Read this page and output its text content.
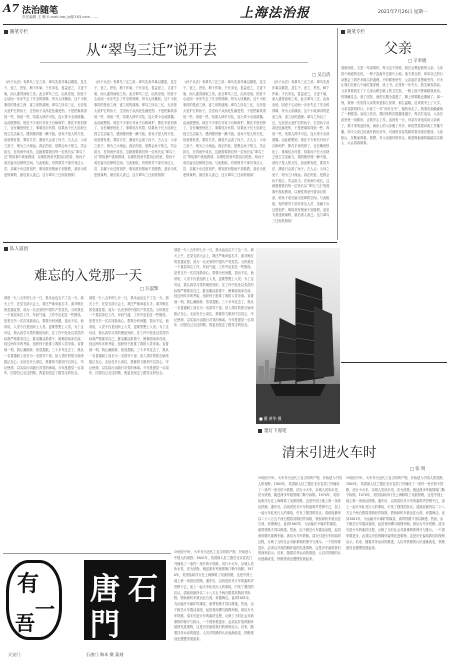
A7 法治随笔
责任编辑 王 琳 E-mail:law_bj@163.com ……	上海法治报	2021年7月26日 星期一
随笔专栏
从“翠鸟三迁”说开去
□ 吴自清
《孙子兵法》有翠鸟三迁之说：翠鸟先高作巢以避患，及生子，爱之，恐坠，稍下作巢；子长羽毛，复益爱之，又更下巢，而人遂得而取之矣。此言翠鸟三迁，由高至低，因爱子心切而一步步失去了安全的屏障，终为人所擒获。这个小故事讲的是爱之深、害之切的道理。翠鸟之所以三迁，无非是太爱护它的孩子，生怕孩子从高处坠落受伤，于是把巢筑得低一些，再低一些，结果人伸手可及，连大带小全部被擒。由此联想到，现在不少家长对孩子百般呵护，捧在手里怕摔了，含在嘴里怕化了，事事包办代替，结果孩子长大后缺乏独立生活能力，遇到挫折便一蹶不振。爱孩子是人的天性，但爱要有度，要讲方法，溺爱只会害了孩子。古人云：父母之爱子，则为之计深远。真正的爱，是教会孩子独立，学会担当，在风雨中成长。这就需要我们每一位家长从“翠鸟三迁”的故事中汲取教训，以理性的爱代替盲目的爱，给孩子成长留出足够的空间。与此相似，有的领导干部对身边人员、亲属子女过度袒护，明知其有错而不加管教，甚至为其违规谋利，最后害人害己。这与翠鸟三迁何其相似！
《孙子兵法》有翠鸟三迁之说：翠鸟先高作巢以避患，及生子，爱之，恐坠，稍下作巢；子长羽毛，复益爱之，又更下巢，而人遂得而取之矣。此言翠鸟三迁，由高至低，因爱子心切而一步步失去了安全的屏障，终为人所擒获。这个小故事讲的是爱之深、害之切的道理。翠鸟之所以三迁，无非是太爱护它的孩子，生怕孩子从高处坠落受伤，于是把巢筑得低一些，再低一些，结果人伸手可及，连大带小全部被擒。由此联想到，现在不少家长对孩子百般呵护，捧在手里怕摔了，含在嘴里怕化了，事事包办代替，结果孩子长大后缺乏独立生活能力，遇到挫折便一蹶不振。爱孩子是人的天性，但爱要有度，要讲方法，溺爱只会害了孩子。古人云：父母之爱子，则为之计深远。真正的爱，是教会孩子独立，学会担当，在风雨中成长。这就需要我们每一位家长从“翠鸟三迁”的故事中汲取教训，以理性的爱代替盲目的爱，给孩子成长留出足够的空间。与此相似，有的领导干部对身边人员、亲属子女过度袒护，明知其有错而不加管教，甚至为其违规谋利，最后害人害己。这与翠鸟三迁何其相似！
《孙子兵法》有翠鸟三迁之说：翠鸟先高作巢以避患，及生子，爱之，恐坠，稍下作巢；子长羽毛，复益爱之，又更下巢，而人遂得而取之矣。此言翠鸟三迁，由高至低，因爱子心切而一步步失去了安全的屏障，终为人所擒获。这个小故事讲的是爱之深、害之切的道理。翠鸟之所以三迁，无非是太爱护它的孩子，生怕孩子从高处坠落受伤，于是把巢筑得低一些，再低一些，结果人伸手可及，连大带小全部被擒。由此联想到，现在不少家长对孩子百般呵护，捧在手里怕摔了，含在嘴里怕化了，事事包办代替，结果孩子长大后缺乏独立生活能力，遇到挫折便一蹶不振。爱孩子是人的天性，但爱要有度，要讲方法，溺爱只会害了孩子。古人云：父母之爱子，则为之计深远。真正的爱，是教会孩子独立，学会担当，在风雨中成长。这就需要我们每一位家长从“翠鸟三迁”的故事中汲取教训，以理性的爱代替盲目的爱，给孩子成长留出足够的空间。与此相似，有的领导干部对身边人员、亲属子女过度袒护，明知其有错而不加管教，甚至为其违规谋利，最后害人害己。这与翠鸟三迁何其相似！
《孙子兵法》有翠鸟三迁之说：翠鸟先高作巢以避患，及生子，爱之，恐坠，稍下作巢；子长羽毛，复益爱之，又更下巢，而人遂得而取之矣。此言翠鸟三迁，由高至低，因爱子心切而一步步失去了安全的屏障，终为人所擒获。这个小故事讲的是爱之深、害之切的道理。翠鸟之所以三迁，无非是太爱护它的孩子，生怕孩子从高处坠落受伤，于是把巢筑得低一些，再低一些，结果人伸手可及，连大带小全部被擒。由此联想到，现在不少家长对孩子百般呵护，捧在手里怕摔了，含在嘴里怕化了，事事包办代替，结果孩子长大后缺乏独立生活能力，遇到挫折便一蹶不振。爱孩子是人的天性，但爱要有度，要讲方法，溺爱只会害了孩子。古人云：父母之爱子，则为之计深远。真正的爱，是教会孩子独立，学会担当，在风雨中成长。这就需要我们每一位家长从“翠鸟三迁”的故事中汲取教训，以理性的爱代替盲目的爱，给孩子成长留出足够的空间。与此相似，有的领导干部对身边人员、亲属子女过度袒护，明知其有错而不加管教，甚至为其违规谋利，最后害人害己。这与翠鸟三迁何其相似！
随笔专栏
父亲
□ 辛奉晓
春雨如丝，又是一年清明时。每当这个时候，我总会想起我的父亲。父亲是个地道的农民，一辈子没离开过那片土地。他不善言辞，却用自己的行动教会了我许多做人的道理。小时候家里穷，父亲起早贪黑地劳作，只为让我们兄妹几个能吃饱穿暖、读上书。记得有一年冬天，我生病发高烧，父亲背着我走了十几里山路去镇上的卫生院，一路上他不停地跟我说话，怕我睡过去。到了医院，他的衣服全湿透了，脚上的棉鞋也磨破了。那一刻，我第一次觉得父亲的背是那么宽厚、那么温暖。后来我考上了大学，父亲送我到村口，只说了一句“好好念书”，便转身走了。我看见他偷偷抹了一把眼泪。参加工作后，我回家的次数越来越少，每次打电话，父亲总说家里一切都好，让我安心工作。直到有一天，母亲打来电话说父亲病了，我才匆匆赶回家。病床上的父亲瘦了许多，却依然笑着问我工作累不累。如今父亲已经离开我们多年，可他的音容笑貌时常浮现在眼前。父爱如山，沉默而厚重。我想，对父亲最好的怀念，就是像他那样踏踏实实做人、认认真真做事。
队人道团
难忘的入党那一天
□ 汪震擎
那是一九八五年的七月一日，我永远也忘不了这一天。那天上午，在党支部大会上，我庄严地举起右手，面对鲜红的党旗宣誓，成为一名光荣的中国共产党党员。当时我在一个基层单位工作，年轻气盛，工作中也犯过一些错误。是老支书一次次找我谈心，帮我分析问题，指出不足。他常说，入党不仅是组织上入党，更要思想上入党。为了这句话，我认真学习党的理论知识，在工作中处处以党员的标准严格要求自己，脏活累活抢着干，困难面前冲在前。经过两年多的考验，组织终于批准了我的入党申请。宣誓那一刻，我心潮澎湃，热泪盈眶。三十多年过去了，我从一名普通职工成长为一名领导干部，但入党时的誓言始终铭记在心。无论在什么岗位，我都努力做到不忘初心、牢记使命，以实际行动践行对党的承诺。今年是建党一百周年，回望自己走过的路，我更加坚定了跟党走的信念。
那是一九八五年的七月一日，我永远也忘不了这一天。那天上午，在党支部大会上，我庄严地举起右手，面对鲜红的党旗宣誓，成为一名光荣的中国共产党党员。当时我在一个基层单位工作，年轻气盛，工作中也犯过一些错误。是老支书一次次找我谈心，帮我分析问题，指出不足。他常说，入党不仅是组织上入党，更要思想上入党。为了这句话，我认真学习党的理论知识，在工作中处处以党员的标准严格要求自己，脏活累活抢着干，困难面前冲在前。经过两年多的考验，组织终于批准了我的入党申请。宣誓那一刻，我心潮澎湃，热泪盈眶。三十多年过去了，我从一名普通职工成长为一名领导干部，但入党时的誓言始终铭记在心。无论在什么岗位，我都努力做到不忘初心、牢记使命，以实际行动践行对党的承诺。今年是建党一百周年，回望自己走过的路，我更加坚定了跟党走的信念。
那是一九八五年的七月一日，我永远也忘不了这一天。那天上午，在党支部大会上，我庄严地举起右手，面对鲜红的党旗宣誓，成为一名光荣的中国共产党党员。当时我在一个基层单位工作，年轻气盛，工作中也犯过一些错误。是老支书一次次找我谈心，帮我分析问题，指出不足。他常说，入党不仅是组织上入党，更要思想上入党。为了这句话，我认真学习党的理论知识，在工作中处处以党员的标准严格要求自己，脏活累活抢着干，困难面前冲在前。经过两年多的考验，组织终于批准了我的入党申请。宣誓那一刻，我心潮澎湃，热泪盈眶。三十多年过去了，我从一名普通职工成长为一名领导干部，但入党时的誓言始终铭记在心。无论在什么岗位，我都努力做到不忘初心、牢记使命，以实际行动践行对党的承诺。今年是建党一百周年，回望自己走过的路，我更加坚定了跟党走的信念。
■ 摄 黄华 摄
墨灯下漫笔
清末引进火车时
□ 张 明
19世纪中叶，火车作为近代工业文明的产物，开始进入中国人的视野。1865年，英国商人杜兰德在北京宣武门外铺设了一条约一里长的小铁路，试行小火车，京城人见所未见，诧为妖物，朝廷命步军统领衙门勒令拆除。1876年，英国怡和洋行在上海修筑了吴淞铁路，这是中国土地上第一条营运铁路。通车后，沿线居民对火车的轰鸣声恐惧不已，加上一起火车轧死行人的事故，引发了强烈的抗议。清政府最终以二十八万五千两白银将其购回并拆除，铁轨和机车被运往台湾，弃置海边。直到1881年，为运输开平煤矿的煤炭，唐胥铁路才得以修建。然而，由于顾忌火车震动皇陵，起初竟用骡马拖拽车厢，被讥为马车铁路。清末引进火车的曲折过程，反映了当时社会对新事物的保守与排斥。一个国家要进步，必须以开放的胸怀接纳先进事物，这是历史留给我们的深刻启示。后来，随着洋务运动的推进，人们对铁路的认识逐渐改变，铁路建设也慢慢发展起来。
19世纪中叶，火车作为近代工业文明的产物，开始进入中国人的视野。1865年，英国商人杜兰德在北京宣武门外铺设了一条约一里长的小铁路，试行小火车，京城人见所未见，诧为妖物，朝廷命步军统领衙门勒令拆除。1876年，英国怡和洋行在上海修筑了吴淞铁路，这是中国土地上第一条营运铁路。通车后，沿线居民对火车的轰鸣声恐惧不已，加上一起火车轧死行人的事故，引发了强烈的抗议。清政府最终以二十八万五千两白银将其购回并拆除，铁轨和机车被运往台湾，弃置海边。直到1881年，为运输开平煤矿的煤炭，唐胥铁路才得以修建。然而，由于顾忌火车震动皇陵，起初竟用骡马拖拽车厢，被讥为马车铁路。清末引进火车的曲折过程，反映了当时社会对新事物的保守与排斥。一个国家要进步，必须以开放的胸怀接纳先进事物，这是历史留给我们的深刻启示。后来，随着洋务运动的推进，人们对铁路的认识逐渐改变，铁路建设也慢慢发展起来。
19世纪中叶，火车作为近代工业文明的产物，开始进入中国人的视野。1865年，英国商人杜兰德在北京宣武门外铺设了一条约一里长的小铁路，试行小火车，京城人见所未见，诧为妖物，朝廷命步军统领衙门勒令拆除。1876年，英国怡和洋行在上海修筑了吴淞铁路，这是中国土地上第一条营运铁路。通车后，沿线居民对火车的轰鸣声恐惧不已，加上一起火车轧死行人的事故，引发了强烈的抗议。清政府最终以二十八万五千两白银将其购回并拆除，铁轨和机车被运往台湾，弃置海边。直到1881年，为运输开平煤矿的煤炭，唐胥铁路才得以修建。然而，由于顾忌火车震动皇陵，起初竟用骡马拖拽车厢，被讥为马车铁路。清末引进火车的曲折过程，反映了当时社会对新事物的保守与排斥。一个国家要进步，必须以开放的胸怀接纳先进事物，这是历史留给我们的深刻启示。后来，随着洋务运动的推进，人们对铁路的认识逐渐改变，铁路建设也慢慢发展起来。
有
一
吾
天安门
石
唐
門
石唐门 陶本 摄 篆刻
